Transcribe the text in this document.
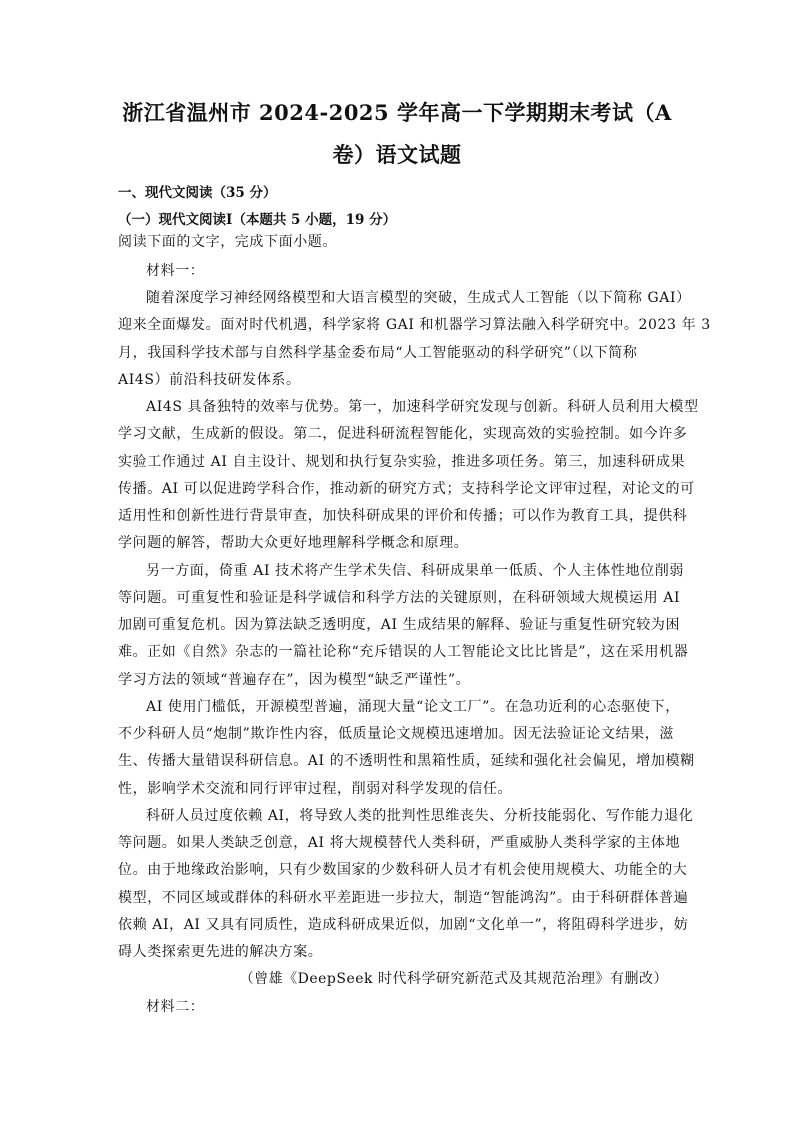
浙江省温州市 2024-2025 学年高一下学期期末考试（A
卷）语文试题
一、现代文阅读（35 分）
（一）现代文阅读Ⅰ（本题共 5 小题，19 分）
阅读下面的文字，完成下面小题。
材料一：
随着深度学习神经网络模型和大语言模型的突破，生成式人工智能（以下简称 GAI）
迎来全面爆发。面对时代机遇，科学家将 GAI 和机器学习算法融入科学研究中。2023 年 3
月，我国科学技术部与自然科学基金委布局“人工智能驱动的科学研究”（以下简称
AI4S）前沿科技研发体系。
AI4S 具备独特的效率与优势。第一，加速科学研究发现与创新。科研人员利用大模型
学习文献，生成新的假设。第二，促进科研流程智能化，实现高效的实验控制。如今许多
实验工作通过 AI 自主设计、规划和执行复杂实验，推进多项任务。第三，加速科研成果
传播。AI 可以促进跨学科合作，推动新的研究方式；支持科学论文评审过程，对论文的可
适用性和创新性进行背景审查，加快科研成果的评价和传播；可以作为教育工具，提供科
学问题的解答，帮助大众更好地理解科学概念和原理。
另一方面，倚重 AI 技术将产生学术失信、科研成果单一低质、个人主体性地位削弱
等问题。可重复性和验证是科学诚信和科学方法的关键原则，在科研领域大规模运用 AI
加剧可重复危机。因为算法缺乏透明度，AI 生成结果的解释、验证与重复性研究较为困
难。正如《自然》杂志的一篇社论称“充斥错误的人工智能论文比比皆是”，这在采用机器
学习方法的领域“普遍存在”，因为模型“缺乏严谨性”。
AI 使用门槛低，开源模型普遍，涌现大量“论文工厂”。在急功近利的心态驱使下，
不少科研人员“炮制”欺诈性内容，低质量论文规模迅速增加。因无法验证论文结果，滋
生、传播大量错误科研信息。AI 的不透明性和黑箱性质，延续和强化社会偏见，增加模糊
性，影响学术交流和同行评审过程，削弱对科学发现的信任。
科研人员过度依赖 AI，将导致人类的批判性思维丧失、分析技能弱化、写作能力退化
等问题。如果人类缺乏创意，AI 将大规模替代人类科研，严重威胁人类科学家的主体地
位。由于地缘政治影响，只有少数国家的少数科研人员才有机会使用规模大、功能全的大
模型，不同区域或群体的科研水平差距进一步拉大，制造“智能鸿沟”。由于科研群体普遍
依赖 AI，AI 又具有同质性，造成科研成果近似，加剧“文化单一”，将阻碍科学进步，妨
碍人类探索更先进的解决方案。
（曾雄《DeepSeek 时代科学研究新范式及其规范治理》有删改）
材料二：
